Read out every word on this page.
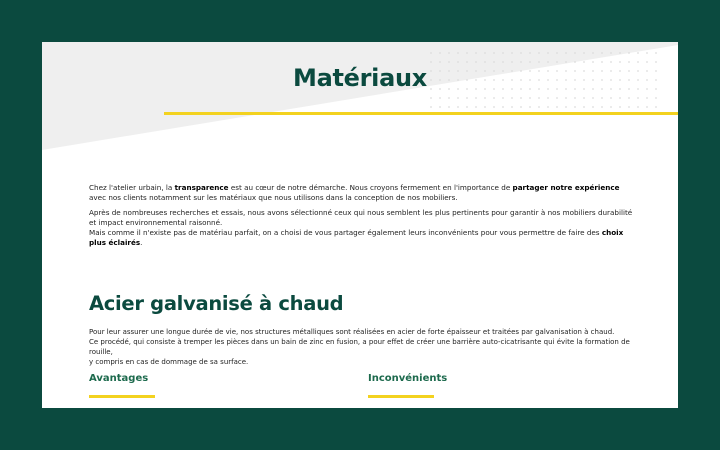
Matériaux

Chez l'atelier urbain, la transparence est au cœur de notre démarche. Nous croyons fermement en l'importance de partager notre expérience avec nos clients notamment sur les matériaux que nous utilisons dans la conception de nos mobiliers.

Après de nombreuses recherches et essais, nous avons sélectionné ceux qui nous semblent les plus pertinents pour garantir à nos mobiliers durabilité et impact environnemental raisonné.
Mais comme il n'existe pas de matériau parfait, on a choisi de vous partager également leurs inconvénients pour vous permettre de faire des choix plus éclairés.

Acier galvanisé à chaud

Pour leur assurer une longue durée de vie, nos structures métalliques sont réalisées en acier de forte épaisseur et traitées par galvanisation à chaud.

Ce procédé, qui consiste à tremper les pièces dans un bain de zinc en fusion, a pour effet de créer une barrière auto-cicatrisante qui évite la formation de rouille,

y compris en cas de dommage de sa surface.

Avantages	Inconvénients
